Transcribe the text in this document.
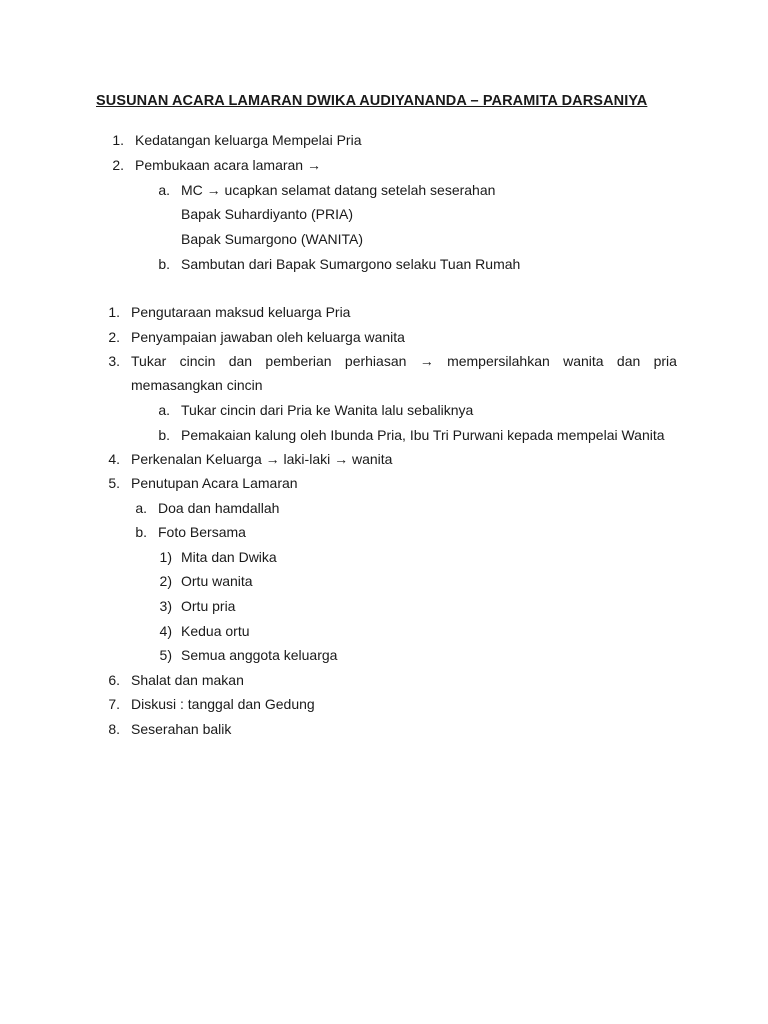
SUSUNAN ACARA LAMARAN DWIKA AUDIYANANDA – PARAMITA DARSANIYA
1. Kedatangan keluarga Mempelai Pria
2. Pembukaan acara lamaran →
a. MC → ucapkan selamat datang setelah seserahan
Bapak Suhardiyanto (PRIA)
Bapak Sumargono (WANITA)
b. Sambutan dari Bapak Sumargono selaku Tuan Rumah
1. Pengutaraan maksud keluarga Pria
2. Penyampaian jawaban oleh keluarga wanita
3. Tukar cincin dan pemberian perhiasan → mempersilahkan wanita dan pria
memasangkan cincin
a. Tukar cincin dari Pria ke Wanita lalu sebaliknya
b. Pemakaian kalung oleh Ibunda Pria, Ibu Tri Purwani kepada mempelai Wanita
4. Perkenalan Keluarga → laki-laki → wanita
5. Penutupan Acara Lamaran
a. Doa dan hamdallah
b. Foto Bersama
1) Mita dan Dwika
2) Ortu wanita
3) Ortu pria
4) Kedua ortu
5) Semua anggota keluarga
6. Shalat dan makan
7. Diskusi : tanggal dan Gedung
8. Seserahan balik
